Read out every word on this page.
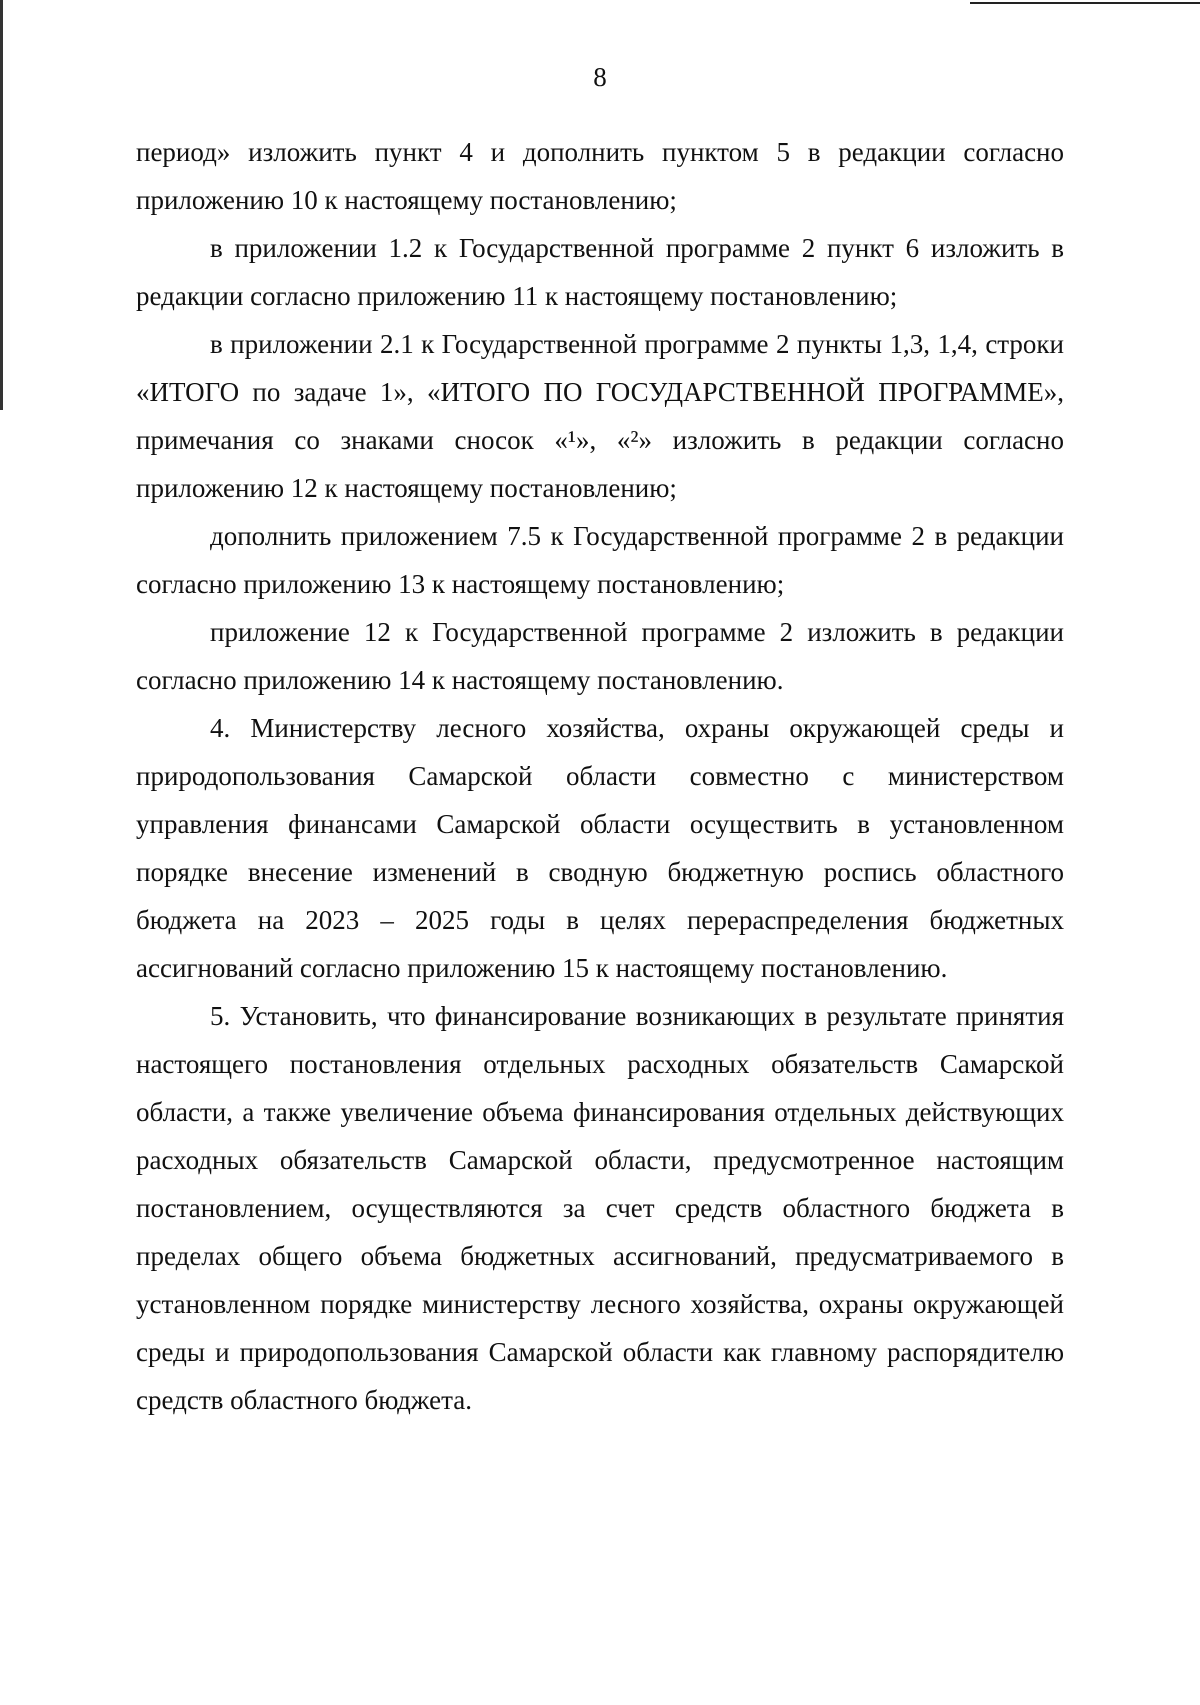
8

период» изложить пункт 4 и дополнить пунктом 5 в редакции согласно приложению 10 к настоящему постановлению;

в приложении 1.2 к Государственной программе 2 пункт 6 изложить в редакции согласно приложению 11 к настоящему постановлению;

в приложении 2.1 к Государственной программе 2 пункты 1,3, 1,4, строки «ИТОГО по задаче 1», «ИТОГО ПО ГОСУДАРСТВЕННОЙ ПРОГРАММЕ», примечания со знаками сносок «¹», «²» изложить в редакции согласно приложению 12 к настоящему постановлению;

дополнить приложением 7.5 к Государственной программе 2 в редакции согласно приложению 13 к настоящему постановлению;

приложение 12 к Государственной программе 2 изложить в редакции согласно приложению 14 к настоящему постановлению.

4. Министерству лесного хозяйства, охраны окружающей среды и природопользования Самарской области совместно с министерством управления финансами Самарской области осуществить в установленном порядке внесение изменений в сводную бюджетную роспись областного бюджета на 2023 – 2025 годы в целях перераспределения бюджетных ассигнований согласно приложению 15 к настоящему постановлению.

5. Установить, что финансирование возникающих в результате принятия настоящего постановления отдельных расходных обязательств Самарской области, а также увеличение объема финансирования отдельных действующих расходных обязательств Самарской области, предусмотренное настоящим постановлением, осуществляются за счет средств областного бюджета в пределах общего объема бюджетных ассигнований, предусматриваемого в установленном порядке министерству лесного хозяйства, охраны окружающей среды и природопользования Самарской области как главному распорядителю средств областного бюджета.
